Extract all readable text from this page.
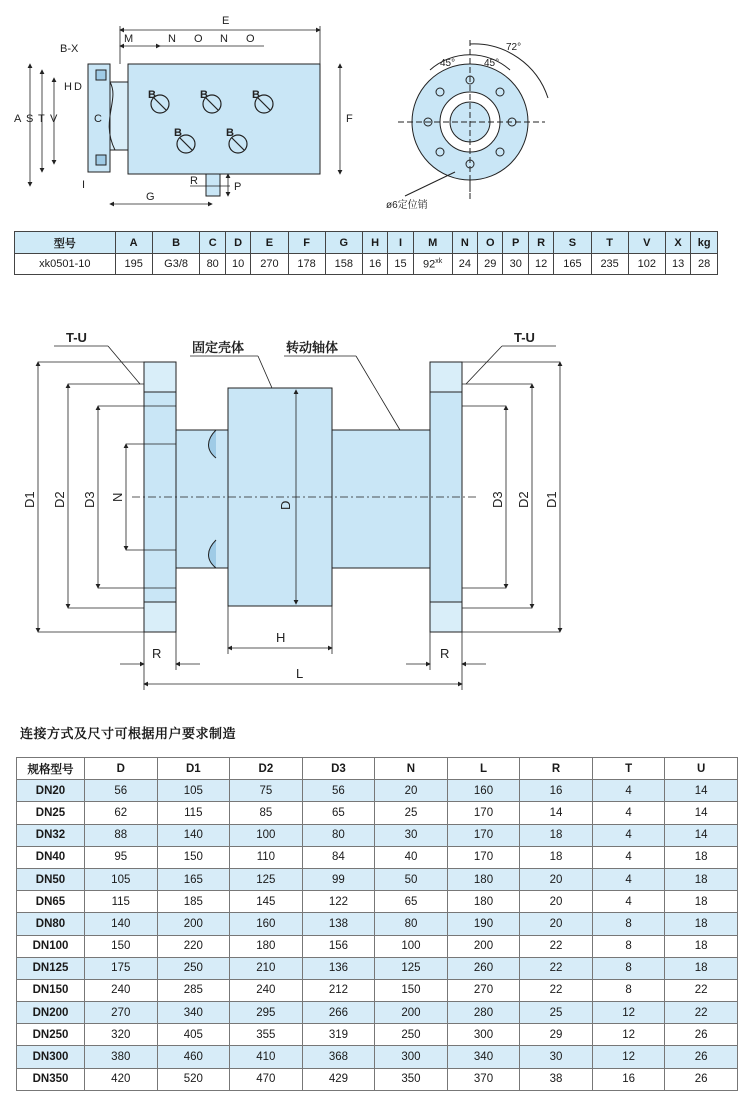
B	B	B
B	B
E
M	N O N O
B-X
H D
A S T V	C	F
G
R	P
I
45°	45°
72°
ø6定位销
型号	A	B	C	D	E	F	G	H	I	M	N	O	P	R	S	T	V	X	kg
xk0501-10	195	G3/8	80	10	270	178	158	16	15	$92^{xk}$	24	29	30	12	165	235	102	13	28
T-U	T-U
固定壳体	转动轴体
D
D1 D2 D3 N	D3 D2 D1
H
R	R
L
连接方式及尺寸可根据用户要求制造
规格型号	D	D1	D2	D3	N	L	R	T	U
DN20	56	105	75	56	20	160	16	4	14
DN25	62	115	85	65	25	170	14	4	14
DN32	88	140	100	80	30	170	18	4	14
DN40	95	150	110	84	40	170	18	4	18
DN50	105	165	125	99	50	180	20	4	18
DN65	115	185	145	122	65	180	20	4	18
DN80	140	200	160	138	80	190	20	8	18
DN100	150	220	180	156	100	200	22	8	18
DN125	175	250	210	136	125	260	22	8	18
DN150	240	285	240	212	150	270	22	8	22
DN200	270	340	295	266	200	280	25	12	22
DN250	320	405	355	319	250	300	29	12	26
DN300	380	460	410	368	300	340	30	12	26
DN350	420	520	470	429	350	370	38	16	26
